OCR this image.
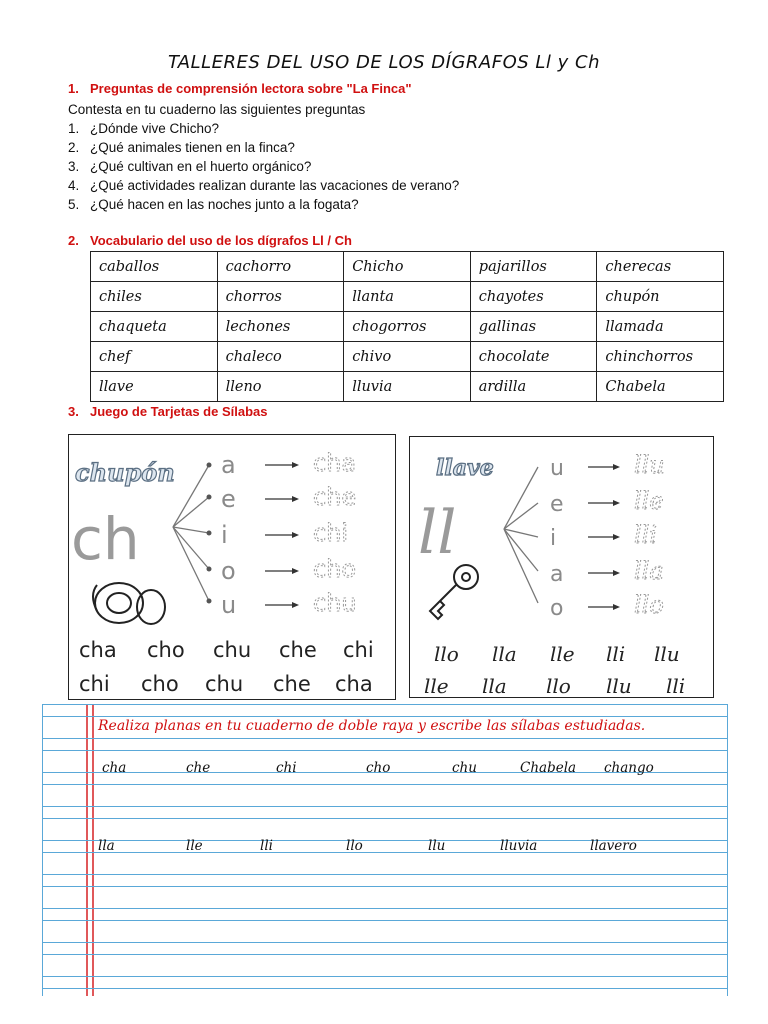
TALLERES DEL USO DE LOS DÍGRAFOS Ll y Ch
1. Preguntas de comprensión lectora sobre "La Finca"
Contesta en tu cuaderno las siguientes preguntas
1. ¿Dónde vive Chicho?
2. ¿Qué animales tienen en la finca?
3. ¿Qué cultivan en el huerto orgánico?
4. ¿Qué actividades realizan durante las vacaciones de verano?
5. ¿Qué hacen en las noches junto a la fogata?
2. Vocabulario del uso de los dígrafos Ll / Ch
caballos	cachorro	Chicho	pajarillos	cherecas
chiles	chorros	llanta	chayotes	chupón
chaqueta	lechones	chogorros	gallinas	llamada
chef	chaleco	chivo	chocolate	chinchorros
llave	lleno	lluvia	ardilla	Chabela
3. Juego de Tarjetas de Sílabas
chupón
ch
a
e
i
o
u
cha
che
chi
cho
chu
cha cho chu che chi
chi cho chu che cha
llave
ll
u
e
i
a
o
llu
lle
lli
lla
llo
llo lla lle lli llu
lle lla llo llu lli
Realiza planas en tu cuaderno de doble raya y escribe las sílabas estudiadas.
cha	che	chi	cho	chu	Chabela chango
lla	lle	lli	llo	llu	lluvia	llavero
